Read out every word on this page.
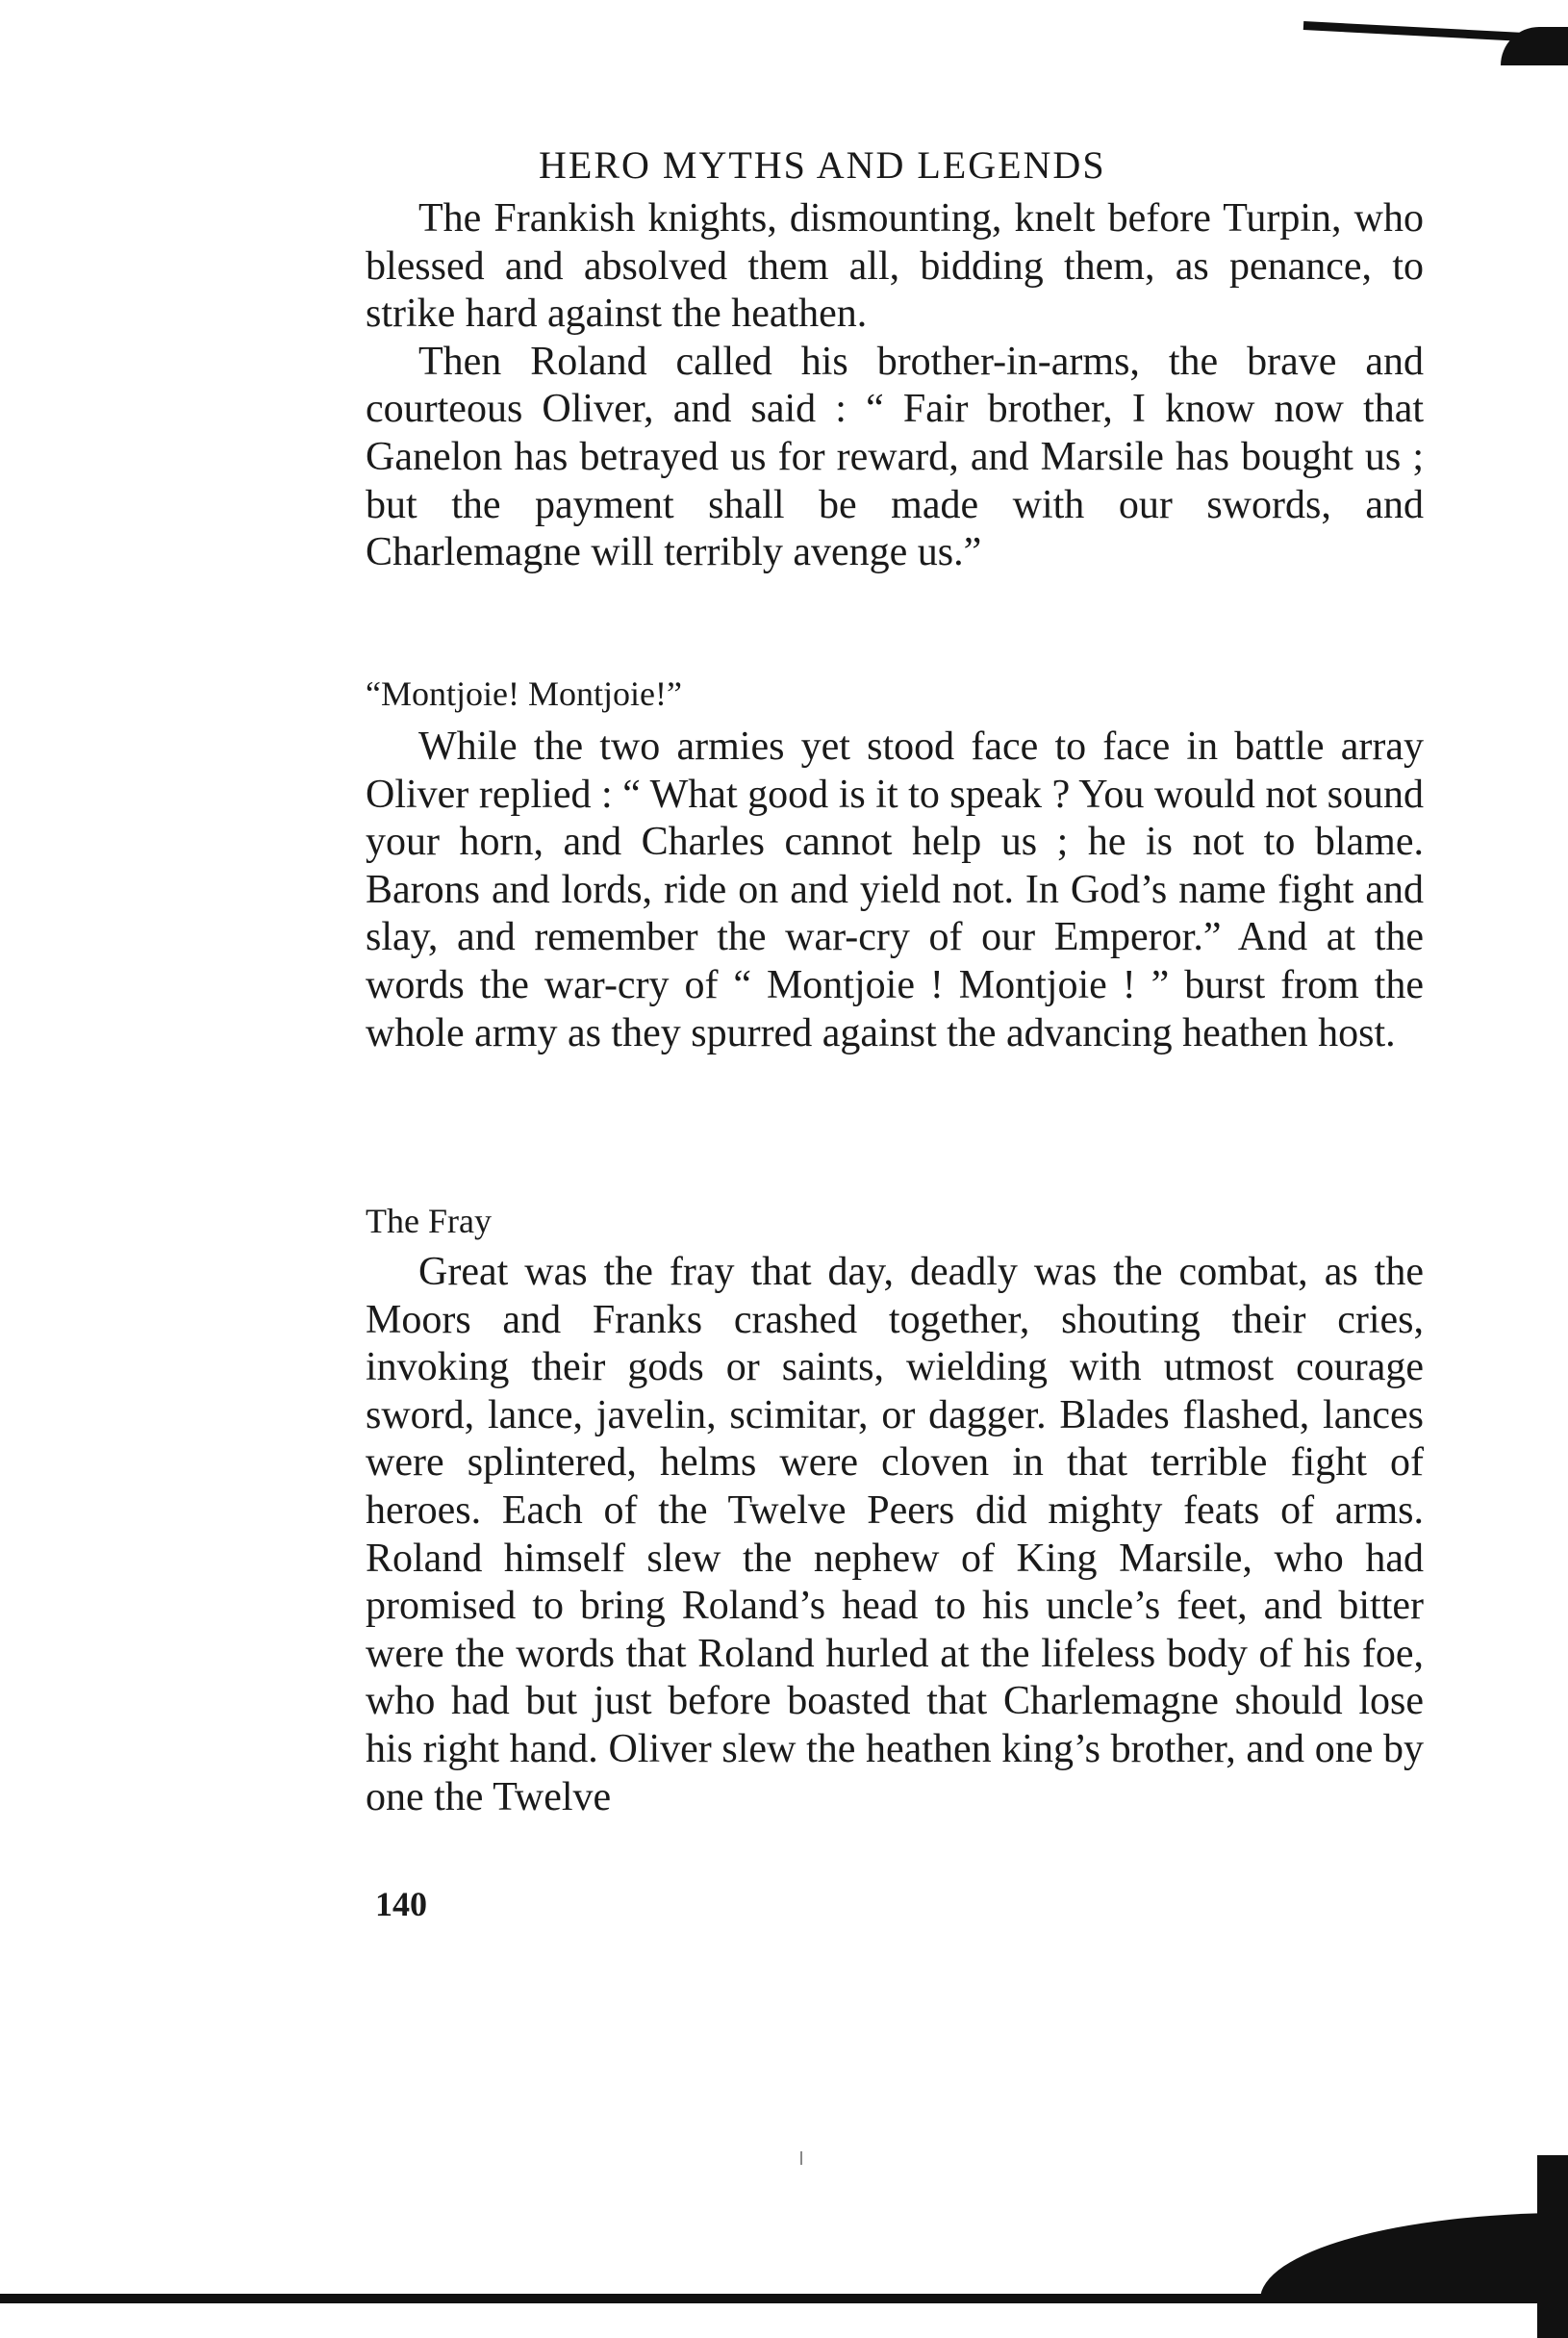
HERO MYTHS AND LEGENDS

The Frankish knights, dismounting, knelt before Turpin, who blessed and absolved them all, bidding them, as penance, to strike hard against the heathen.

Then Roland called his brother-in-arms, the brave and courteous Oliver, and said : “ Fair brother, I know now that Ganelon has betrayed us for reward, and Marsile has bought us ; but the payment shall be made with our swords, and Charlemagne will terribly avenge us.”

“Montjoie! Montjoie!”

While the two armies yet stood face to face in battle array Oliver replied : “ What good is it to speak ? You would not sound your horn, and Charles cannot help us ; he is not to blame. Barons and lords, ride on and yield not. In God’s name fight and slay, and remember the war-cry of our Emperor.” And at the words the war-cry of “ Montjoie ! Montjoie ! ” burst from the whole army as they spurred against the advancing heathen host.

The Fray

Great was the fray that day, deadly was the combat, as the Moors and Franks crashed together, shouting their cries, invoking their gods or saints, wielding with utmost courage sword, lance, javelin, scimitar, or dagger. Blades flashed, lances were splintered, helms were cloven in that terrible fight of heroes. Each of the Twelve Peers did mighty feats of arms. Roland himself slew the nephew of King Marsile, who had promised to bring Roland’s head to his uncle’s feet, and bitter were the words that Roland hurled at the lifeless body of his foe, who had but just before boasted that Charlemagne should lose his right hand. Oliver slew the heathen king’s brother, and one by one the Twelve

140
